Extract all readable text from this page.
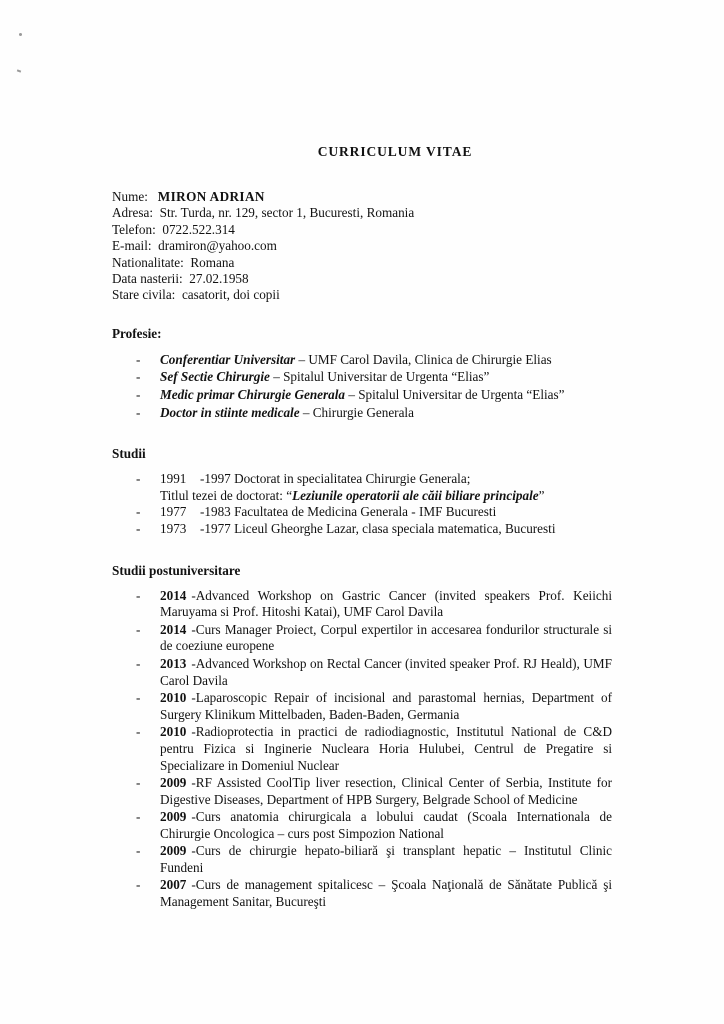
CURRICULUM VITAE
Nume: MIRON ADRIAN
Adresa: Str. Turda, nr. 129, sector 1, Bucuresti, Romania
Telefon: 0722.522.314
E-mail: dramiron@yahoo.com
Nationalitate: Romana
Data nasterii: 27.02.1958
Stare civila: casatorit, doi copii
Profesie:
- Conferentiar Universitar – UMF Carol Davila, Clinica de Chirurgie Elias
- Sef Sectie Chirurgie – Spitalul Universitar de Urgenta “Elias”
- Medic primar Chirurgie Generala – Spitalul Universitar de Urgenta “Elias”
- Doctor in stiinte medicale – Chirurgie Generala
Studii
- 1991 -1997 Doctorat in specialitatea Chirurgie Generala;
Titlul tezei de doctorat: “Leziunile operatorii ale căii biliare principale”
- 1977 -1983 Facultatea de Medicina Generala - IMF Bucuresti
- 1973 -1977 Liceul Gheorghe Lazar, clasa speciala matematica, Bucuresti
Studii postuniversitare
- 2014 -Advanced Workshop on Gastric Cancer (invited speakers Prof. Keiichi Maruyama si Prof. Hitoshi Katai), UMF Carol Davila
- 2014 -Curs Manager Proiect, Corpul expertilor in accesarea fondurilor structurale si de coeziune europene
- 2013 -Advanced Workshop on Rectal Cancer (invited speaker Prof. RJ Heald), UMF Carol Davila
- 2010 -Laparoscopic Repair of incisional and parastomal hernias, Department of Surgery Klinikum Mittelbaden, Baden-Baden, Germania
- 2010 -Radioprotectia in practici de radiodiagnostic, Institutul National de C&D pentru Fizica si Inginerie Nucleara Horia Hulubei, Centrul de Pregatire si Specializare in Domeniul Nuclear
- 2009 -RF Assisted CoolTip liver resection, Clinical Center of Serbia, Institute for Digestive Diseases, Department of HPB Surgery, Belgrade School of Medicine
- 2009 -Curs anatomia chirurgicala a lobului caudat (Scoala Internationala de Chirurgie Oncologica – curs post Simpozion National
- 2009 -Curs de chirurgie hepato-biliară şi transplant hepatic – Institutul Clinic Fundeni
- 2007 -Curs de management spitalicesc – Şcoala Naţională de Sănătate Publică şi Management Sanitar, Bucureşti
